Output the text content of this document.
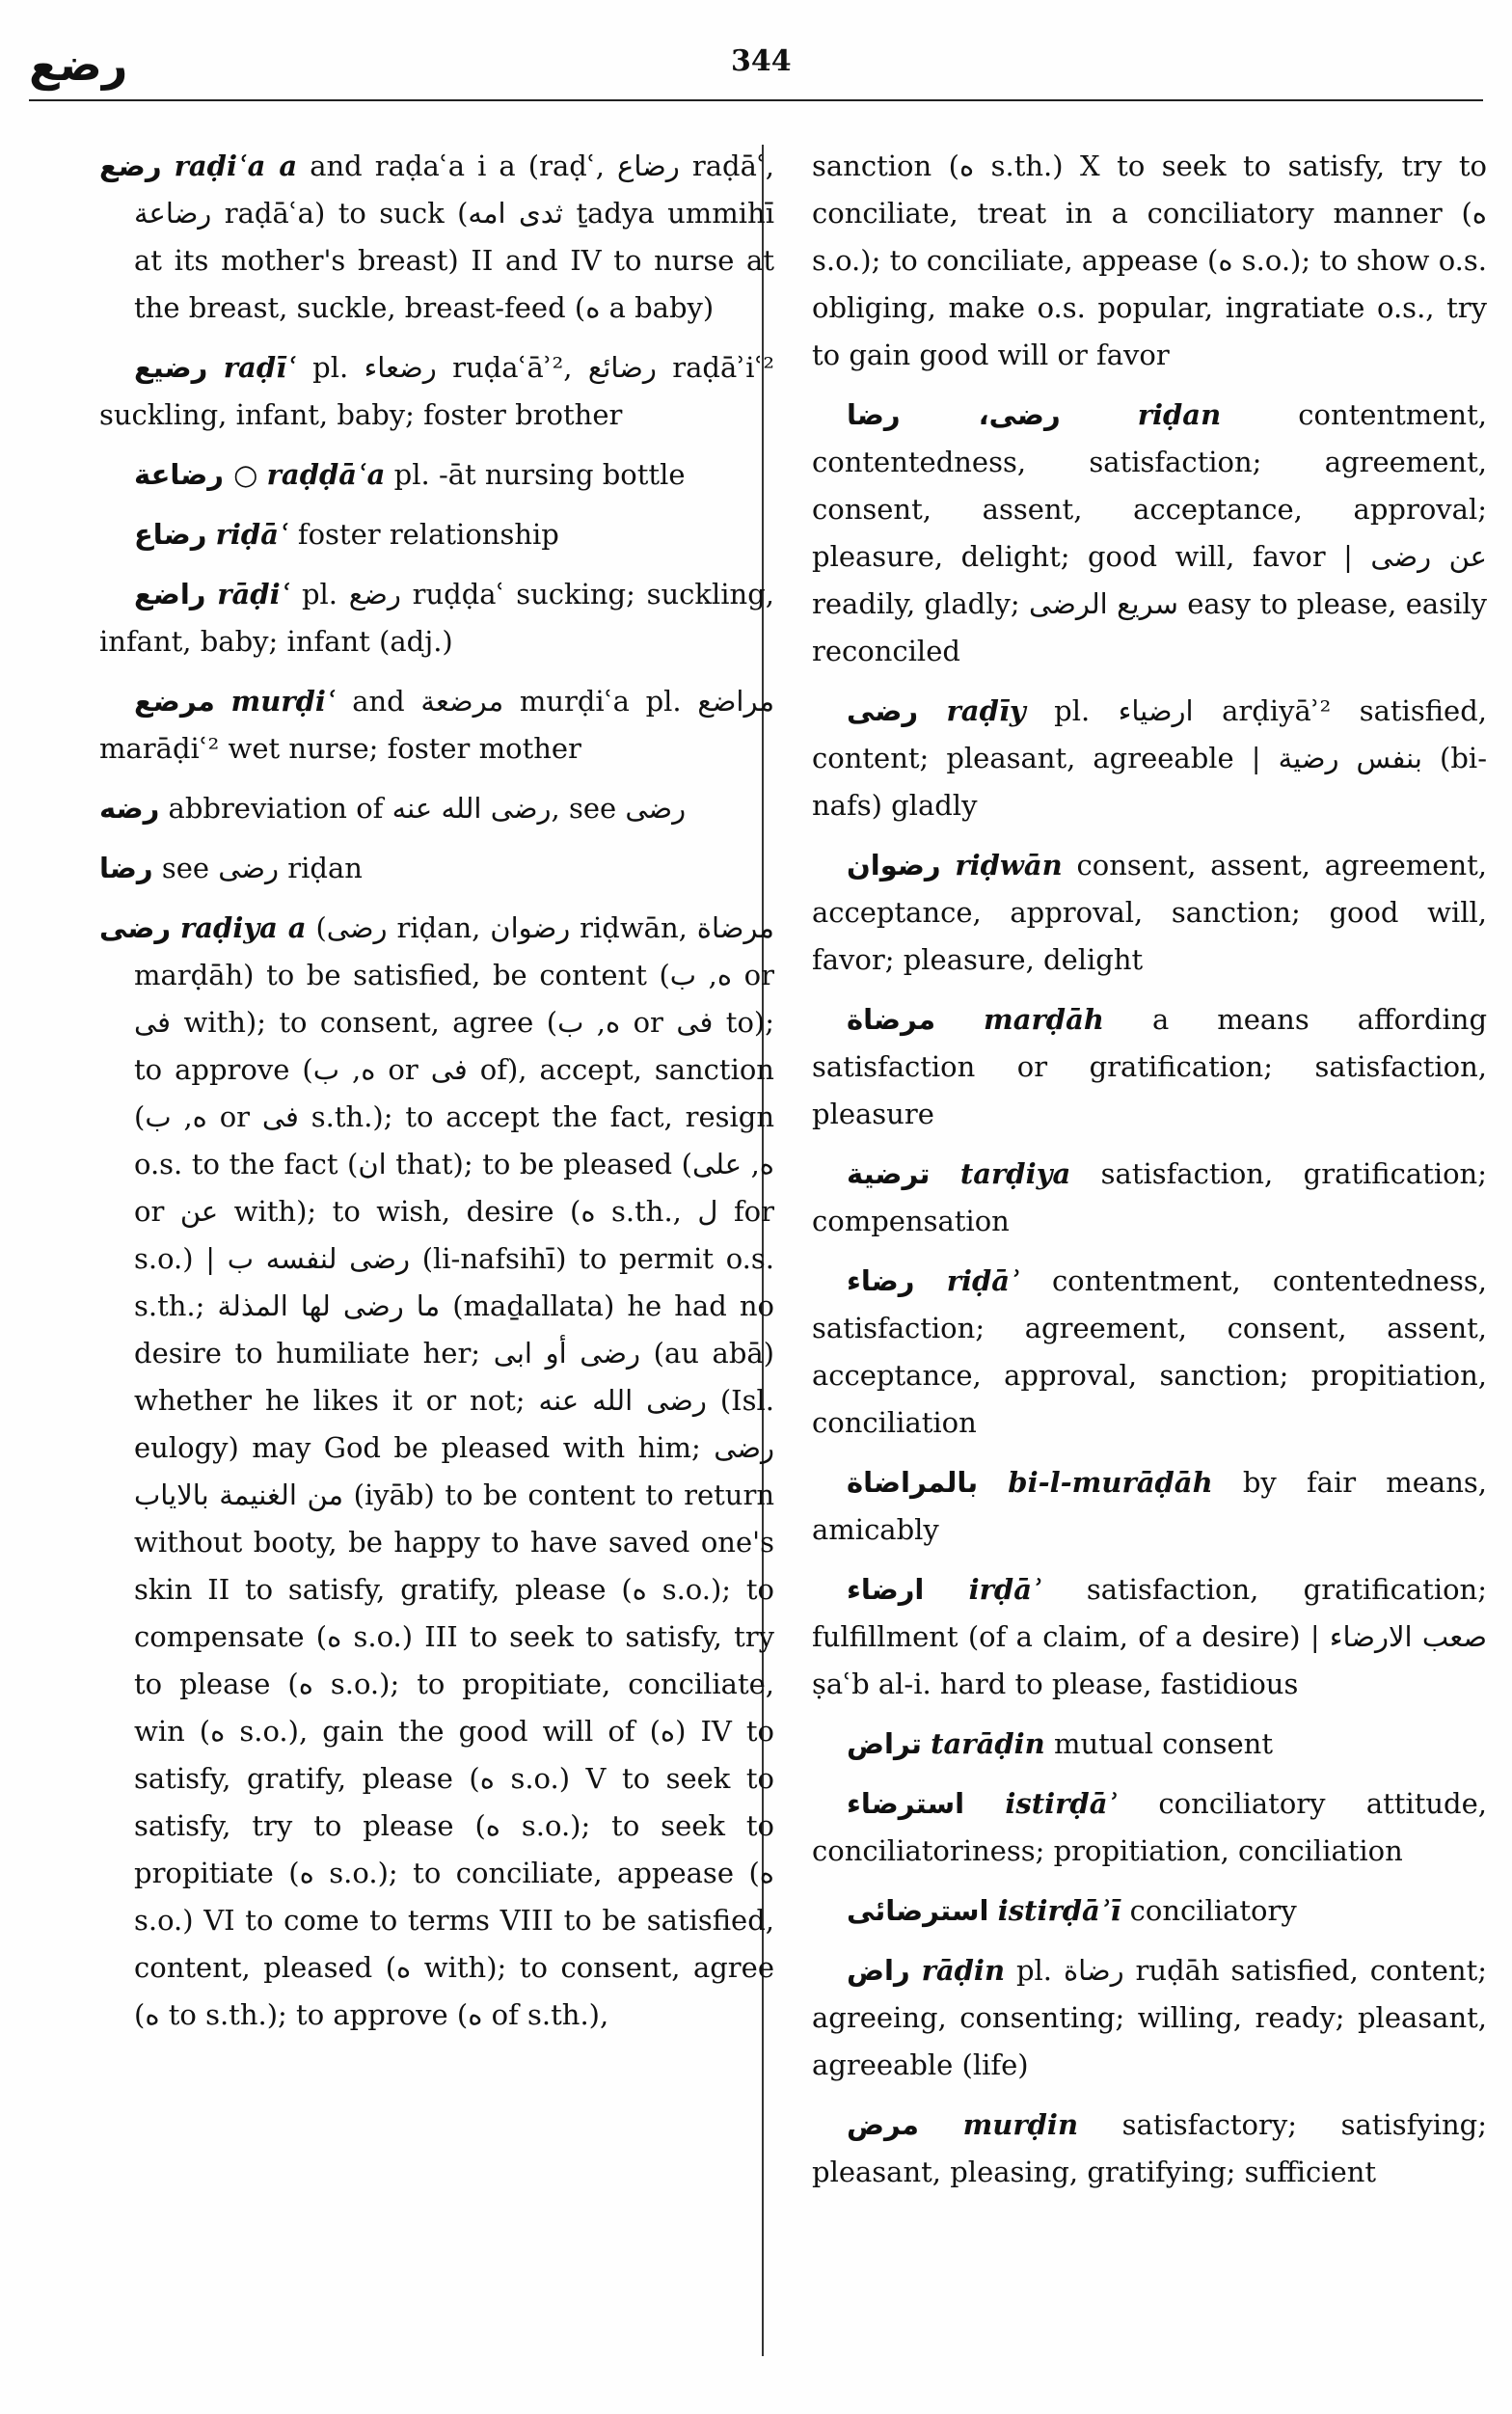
رضع	344

رضع raḍiʿa a and raḍaʿa i a (raḍʿ, رضاع raḍāʿ, رضاعة raḍāʿa) to suck (ثدى امه ṯadya ummihī at its mother's breast) II and IV to nurse at the breast, suckle, breast-feed (ه a baby)

رضيع raḍīʿ pl. رضعاء ruḍaʿāʾ², رضائع raḍāʾiʿ² suckling, infant, baby; foster brother

○ رضاعة raḍḍāʿa pl. -āt nursing bottle

رضاع riḍāʿ foster relationship

راضع rāḍiʿ pl. رضع ruḍḍaʿ sucking; suckling, infant, baby; infant (adj.)

مرضع murḍiʿ and مرضعة murḍiʿa pl. مراضع marāḍiʿ² wet nurse; foster mother

رضه abbreviation of رضى الله عنه, see رضى

رضا see رضى riḍan

رضى raḍiya a (رضى riḍan, رضوان riḍwān, مرضاة marḍāh) to be satisfied, be content (ه, ب or فى with); to consent, agree (ه, ب or فى to); to approve (ه, ب or فى of), accept, sanction (ه, ب or فى s.th.); to accept the fact, resign o.s. to the fact (ان that); to be pleased (ه, على or عن with); to wish, desire (ه s.th., ل for s.o.) | رضى لنفسه ب (li-nafsihī) to permit o.s. s.th.; ما رضى لها المذلة (maḏallata) he had no desire to humiliate her; رضى أو ابى (au abā) whether he likes it or not; رضى الله عنه (Isl. eulogy) may God be pleased with him; رضى من الغنيمة بالاياب (iyāb) to be content to return without booty, be happy to have saved one's skin II to satisfy, gratify, please (ه s.o.); to compensate (ه s.o.) III to seek to satisfy, try to please (ه s.o.); to propitiate, conciliate, win (ه s.o.), gain the good will of (ه) IV to satisfy, gratify, please (ه s.o.) V to seek to satisfy, try to please (ه s.o.); to seek to propitiate (ه s.o.); to conciliate, appease (ه s.o.) VI to come to terms VIII to be satisfied, content, pleased (ه with); to consent, agree (ه to s.th.); to approve (ه of s.th.),

sanction (ه s.th.) X to seek to satisfy, try to conciliate, treat in a conciliatory manner (ه s.o.); to conciliate, appease (ه s.o.); to show o.s. obliging, make o.s. popular, ingratiate o.s., try to gain good will or favor

رضى، رضا	riḍan contentment, contentedness, satisfaction; agreement, consent, assent, acceptance, approval; pleasure, delight; good will, favor | عن رضى readily, gladly; سريع الرضى easy to please, easily reconciled

رضى raḍīy pl. ارضياء arḍiyāʾ² satisfied, content; pleasant, agreeable | بنفس رضية (bi-nafs) gladly

رضوان riḍwān consent, assent, agreement, acceptance, approval, sanction; good will, favor; pleasure, delight

مرضاة marḍāh a means affording satisfaction or gratification; satisfaction, pleasure

ترضية tarḍiya satisfaction, gratification; compensation

رضاء riḍāʾ contentment, contentedness, satisfaction; agreement, consent, assent, acceptance, approval, sanction; propitiation, conciliation

بالمراضاة bi-l-murāḍāh by fair means, amicably

ارضاء irḍāʾ satisfaction, gratification; fulfillment (of a claim, of a desire) | صعب الارضاء ṣaʿb al-i. hard to please, fastidious

تراض tarāḍin mutual consent

استرضاء istirḍāʾ conciliatory attitude, conciliatoriness; propitiation, conciliation

استرضائى istirḍāʾī conciliatory

راض rāḍin pl. رضاة ruḍāh satisfied, content; agreeing, consenting; willing, ready; pleasant, agreeable (life)

مرض murḍin satisfactory; satisfying; pleasant, pleasing, gratifying; sufficient
